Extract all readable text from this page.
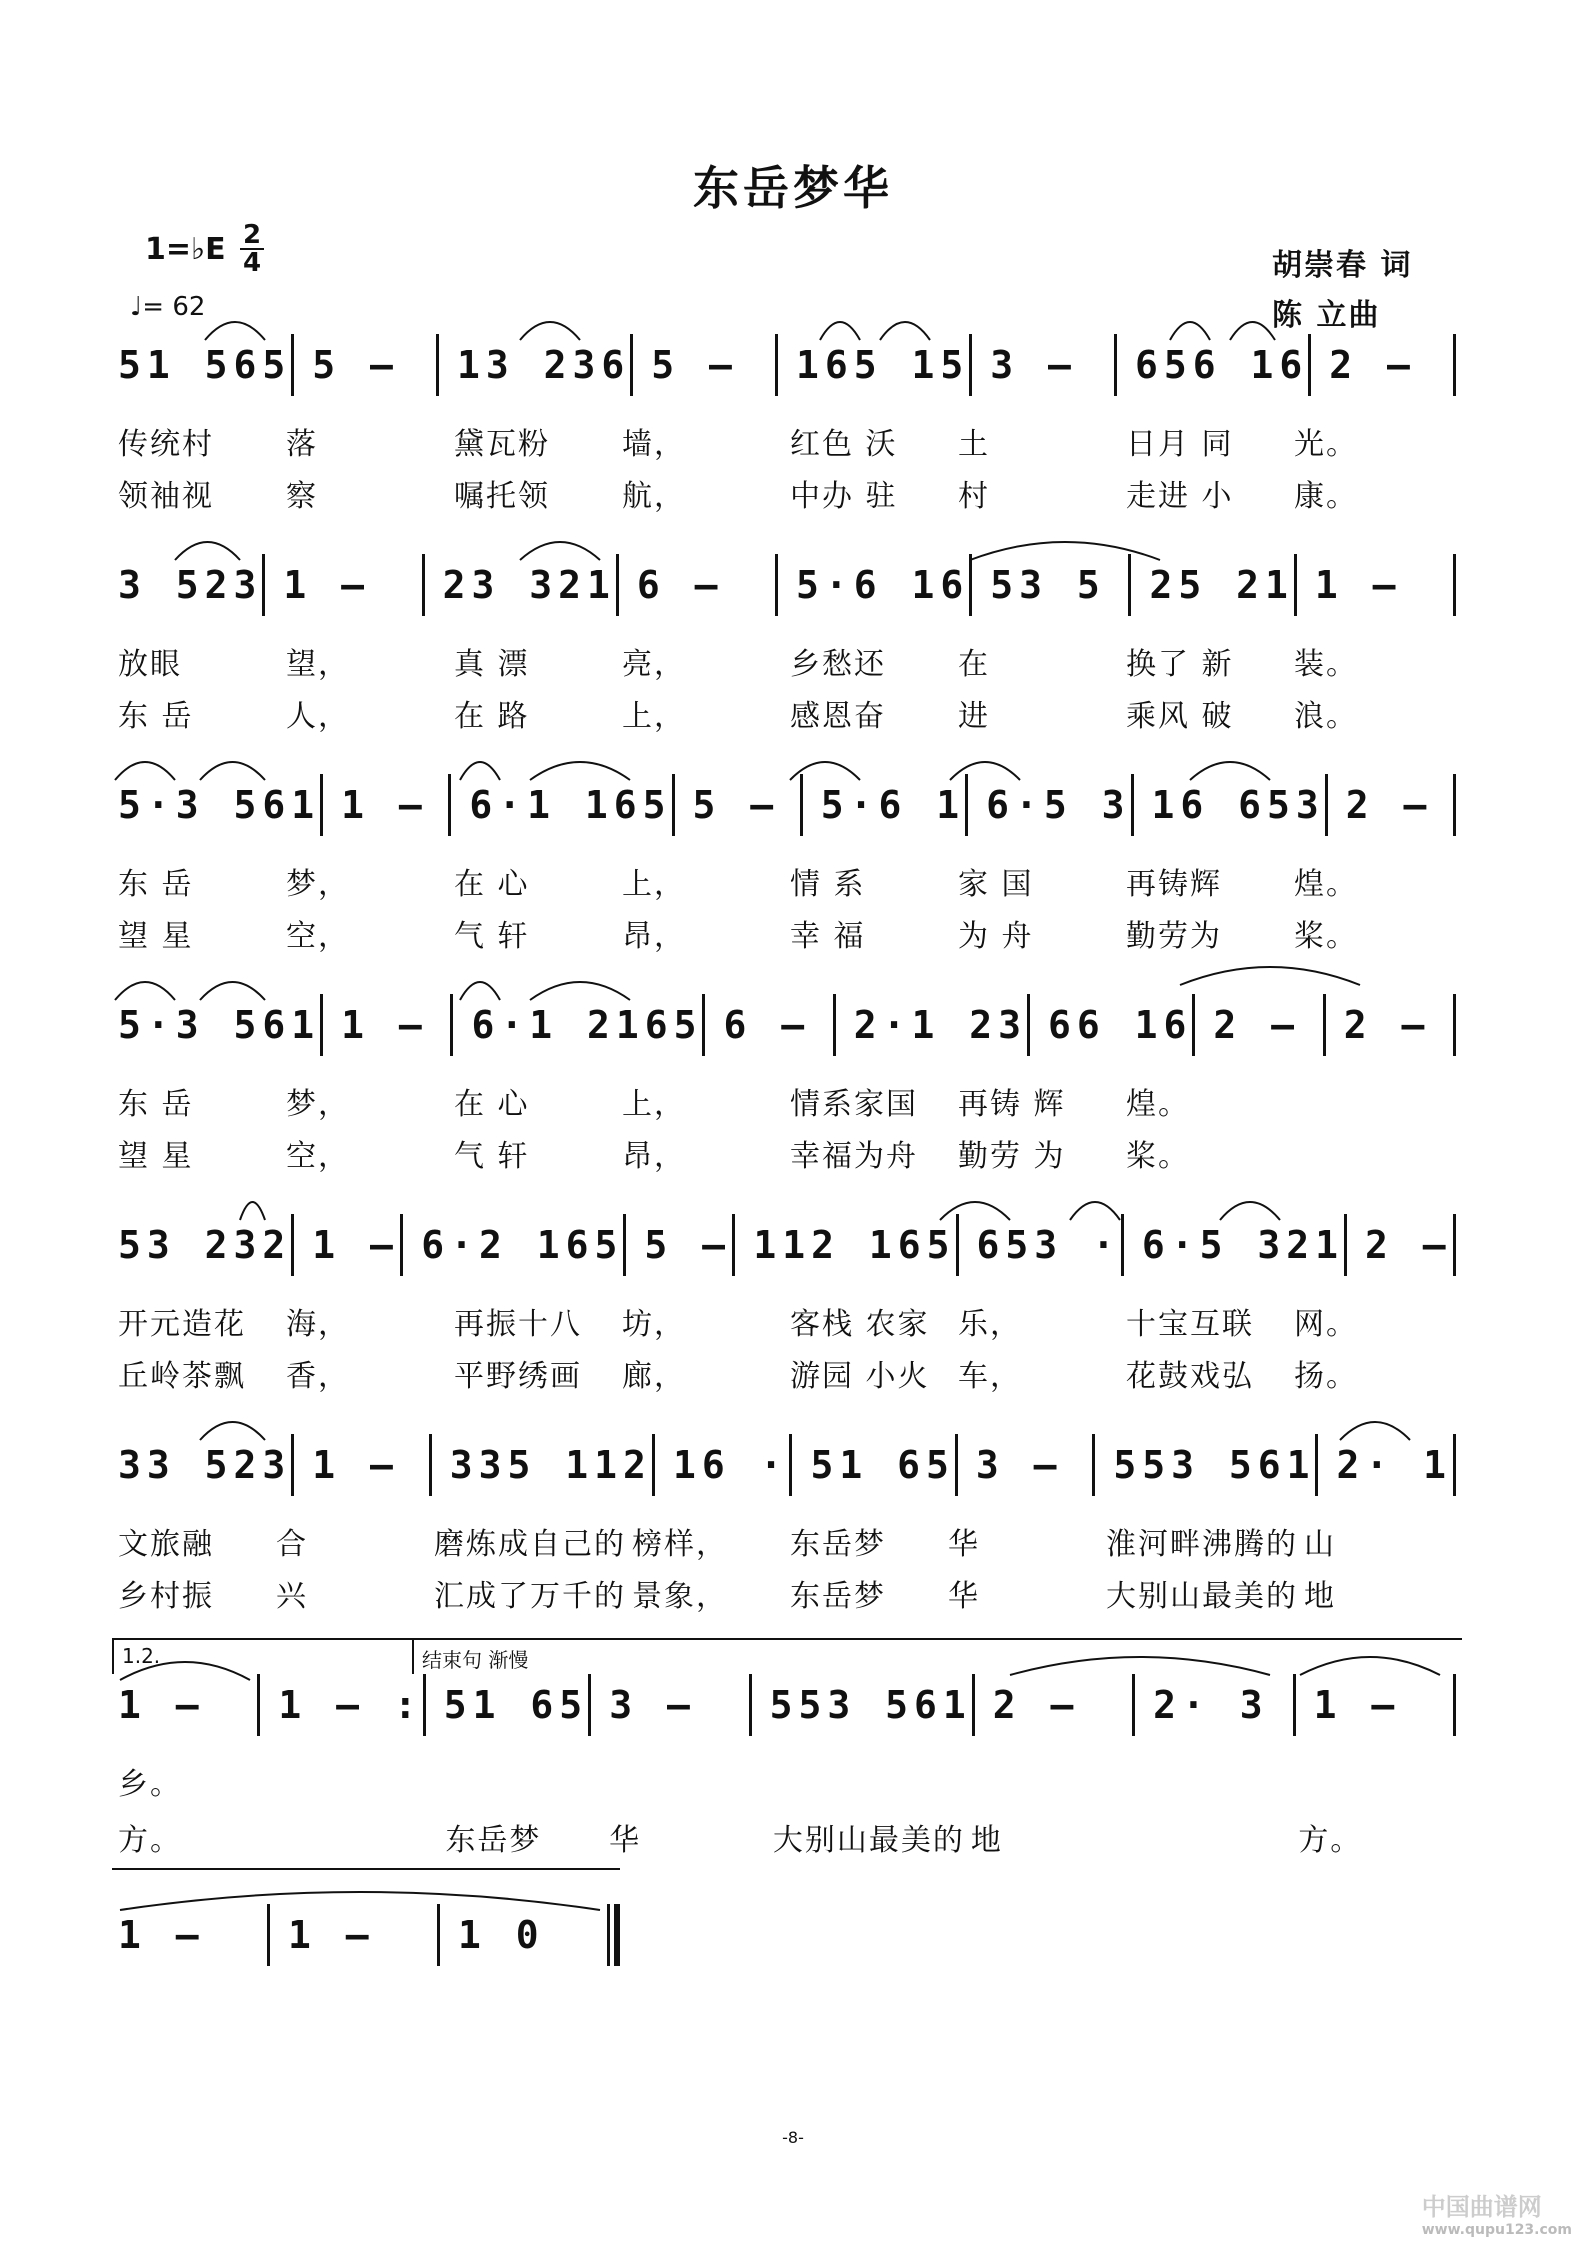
东岳梦华
1=♭E 2
4
♩= 62
胡崇春 词
陈 立曲
51 565 5 –	13 236 5 –	165 15 3 –	656 16 2 –
传统村	落	黛瓦粉	墙，	红色 沃	土	日月 同	光。
领袖视	察	嘱托领	航，	中办 驻	村	走进 小	康。
3 523 1 –	23 321 6 –	5·6 16 53 5	25 21 1 –
放眼	望，	真 漂	亮，	乡愁还	在	换了 新	装。
东 岳	人，	在 路	上，	感恩奋	进	乘风 破	浪。
5·3 561 1 –	6·1 165 5 –	5·6 1 6·5 3 16 653 2 –
东 岳	梦，	在 心	上，	情 系	家 国	再铸辉	煌。
望 星	空，	气 轩	昂，	幸 福	为 舟	勤劳为	桨。
5·3 561 1 –	6·1 2165 6 –	2·1 23 66 16 2 –	2 –
东 岳	梦，	在 心	上，	情系家国	再铸 辉	煌。
望 星	空，	气 轩	昂，	幸福为舟	勤劳 为	桨。
53 232 1 – 6·2 165 5 – 112 165 653 · 6·5 321 2 –
开元造花	海，	再振十八	坊，	客栈 农家 乐，	十宝互联	网。
丘岭茶飘	香，	平野绣画	廊，	游园 小火 车，	花鼓戏弘	扬。
33 523 1 –	335 112 16 · 51 65 3 –	553 561 2· 1
文旅融	合	磨炼成自己的 榜样，	东岳梦	华	淮河畔沸腾的 山
乡村振	兴	汇成了万千的 景象，	东岳梦	华	大别山最美的 地
1 –	1 – : 51 65 3 –	553 561 2 –	2· 3	1 –
乡。
方。	东岳梦	华	大别山最美的 地	方。
1 –	1 –	1 0
1.2.	结束句 渐慢
-8-
中国曲谱网
www.qupu123.com
